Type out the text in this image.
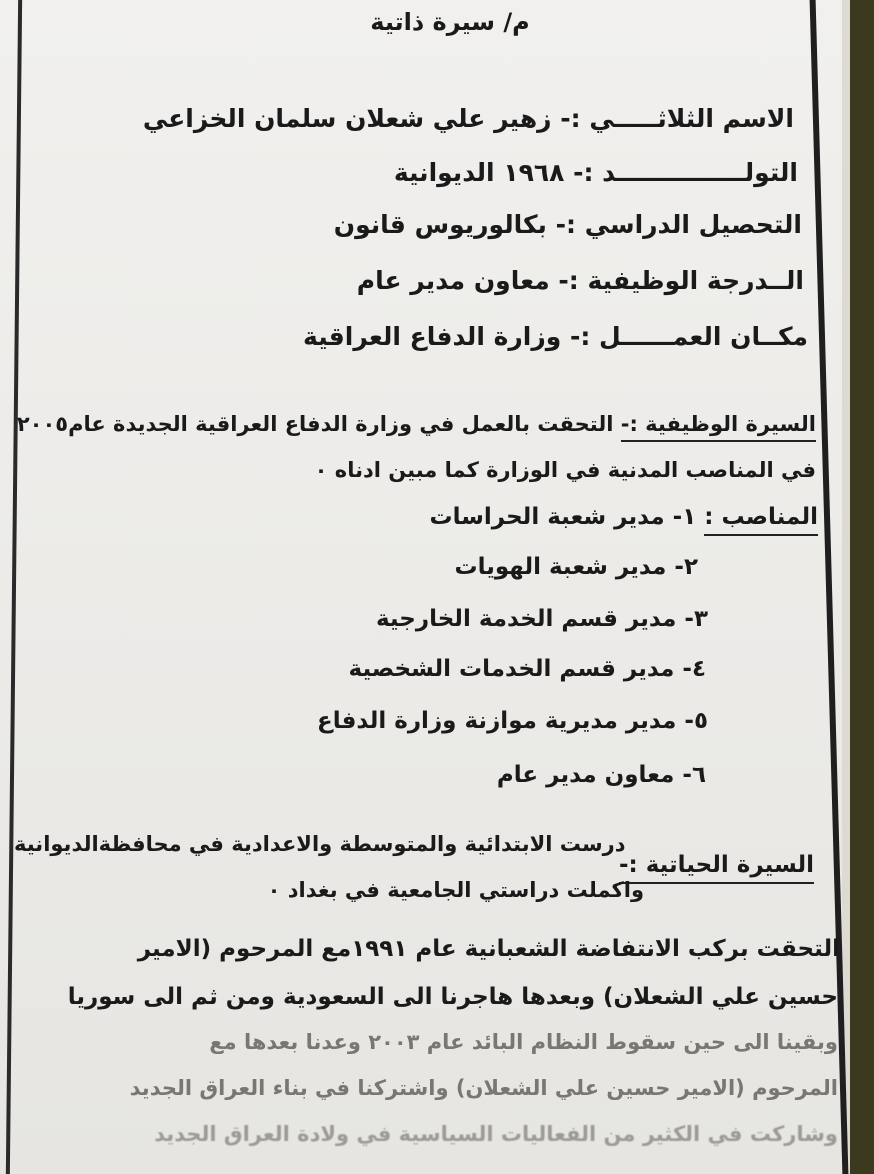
م/ سيرة ذاتية
الاسم الثلاثـــــي :- زهير علي شعلان سلمان الخزاعي
التولـــــــــــــــد :- ١٩٦٨ الديوانية
التحصيل الدراسي :- بكالوريوس قانون
الــدرجة الوظيفية :- معاون مدير عام
مكــان العمــــــل :- وزارة الدفاع العراقية
السيرة الوظيفية :- التحقت بالعمل في وزارة الدفاع العراقية الجديدة عام٢٠٠٥
في المناصب المدنية في الوزارة كما مبين ادناه ٠
المناصب : ١- مدير شعبة الحراسات
٢- مدير شعبة الهويات
٣- مدير قسم الخدمة الخارجية
٤- مدير قسم الخدمات الشخصية
٥- مدير مديرية موازنة وزارة الدفاع
٦- معاون مدير عام
درست الابتدائية والمتوسطة والاعدادية في محافظةالديوانية
السيرة الحياتية :-
واكملت دراستي الجامعية في بغداد ٠
التحقت بركب الانتفاضة الشعبانية عام ١٩٩١مع المرحوم (الامير
حسين علي الشعلان) وبعدها هاجرنا الى السعودية ومن ثم الى سوريا
وبقينا الى حين سقوط النظام البائد عام ٢٠٠٣ وعدنا بعدها مع
المرحوم (الامير حسين علي الشعلان) واشتركنا في بناء العراق الجديد
وشاركت في الكثير من الفعاليات السياسية في ولادة العراق الجديد
